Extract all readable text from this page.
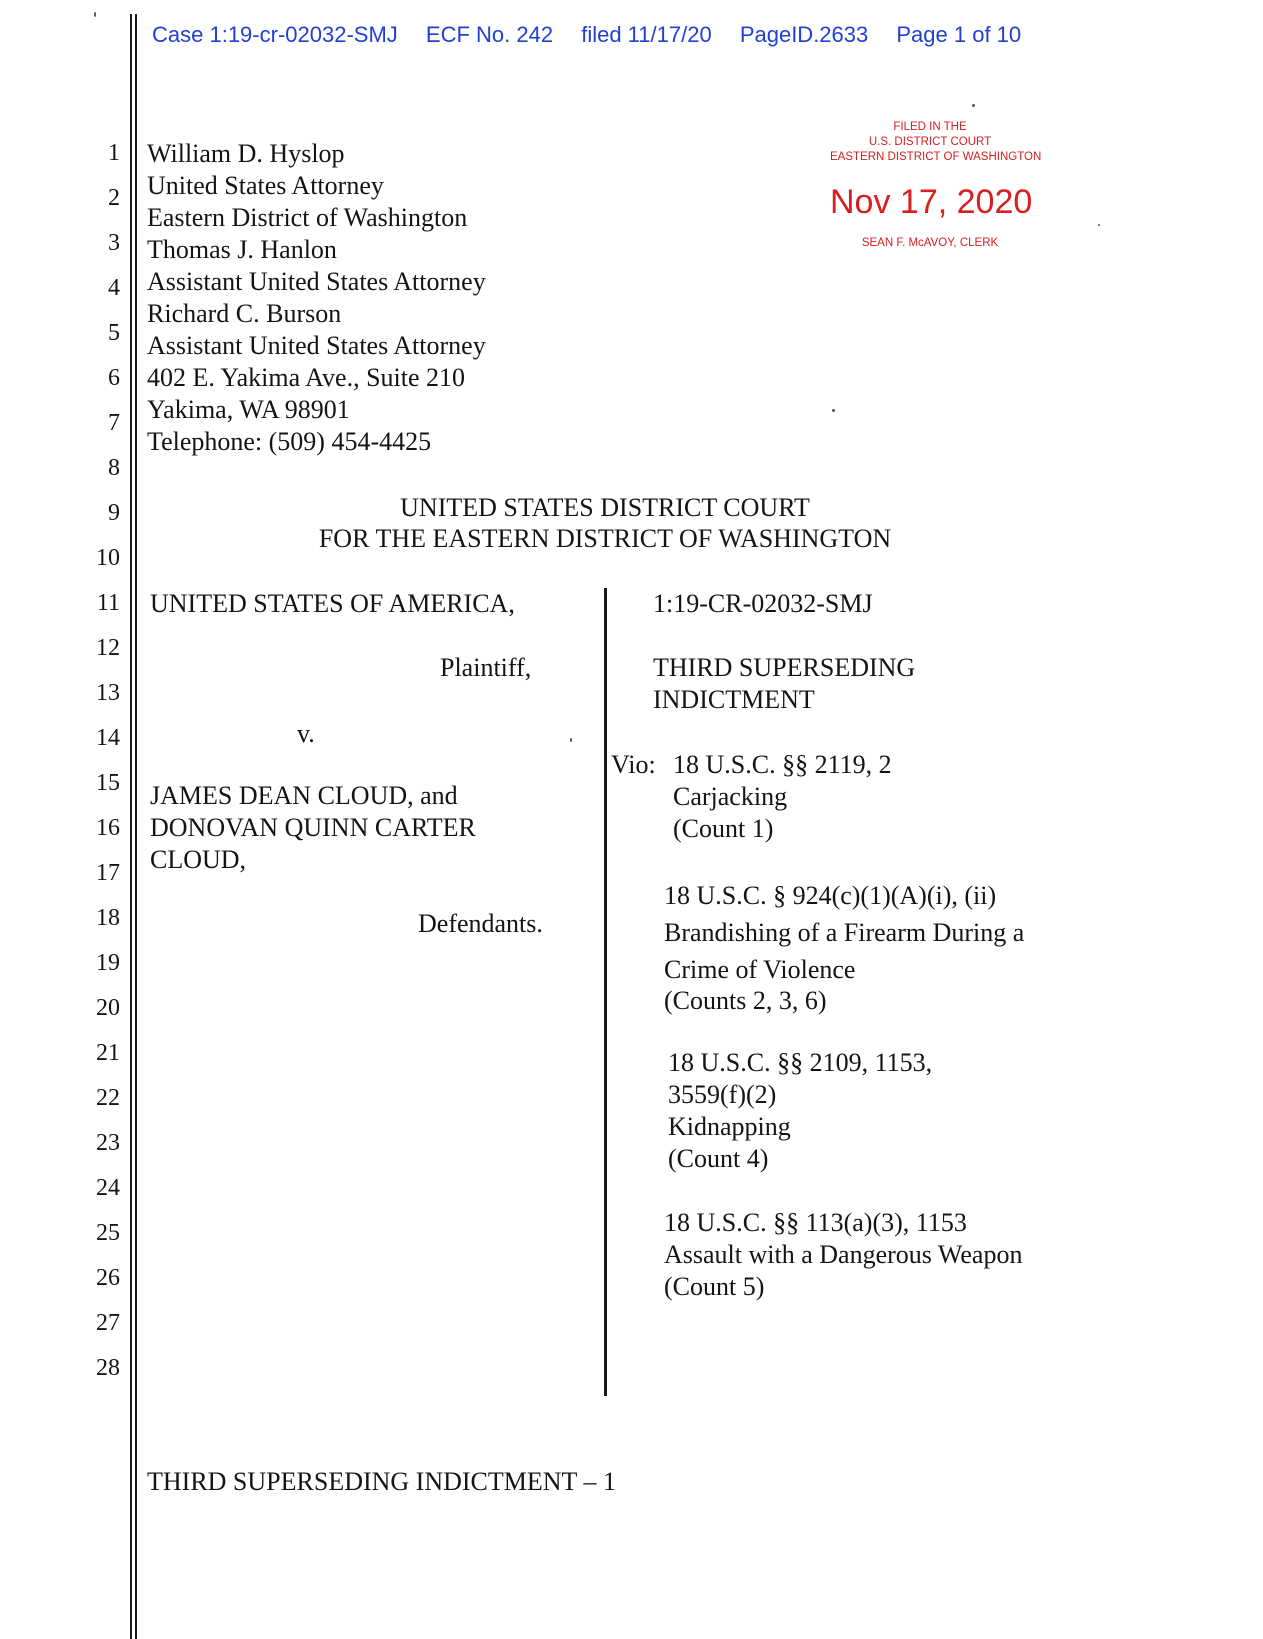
Case 1:19-cr-02032-SMJ ECF No. 242 filed 11/17/20 PageID.2633 Page 1 of 10
FILED IN THE
U.S. DISTRICT COURT
EASTERN DISTRICT OF WASHINGTON
Nov 17, 2020
SEAN F. McAVOY, CLERK
1
2
3
4
5
6
7
8
9
10
11
12
13
14
15
16
17
18
19
20
21
22
23
24
25
26
27
28
William D. Hyslop
United States Attorney
Eastern District of Washington
Thomas J. Hanlon
Assistant United States Attorney
Richard C. Burson
Assistant United States Attorney
402 E. Yakima Ave., Suite 210
Yakima, WA 98901
Telephone: (509) 454-4425
UNITED STATES DISTRICT COURT
FOR THE EASTERN DISTRICT OF WASHINGTON
UNITED STATES OF AMERICA,
Plaintiff,
v.
JAMES DEAN CLOUD, and
DONOVAN QUINN CARTER
CLOUD,
Defendants.
1:19-CR-02032-SMJ
THIRD SUPERSEDING
INDICTMENT
Vio: 18 U.S.C. §§ 2119, 2
Carjacking
(Count 1)
18 U.S.C. § 924(c)(1)(A)(i), (ii)
Brandishing of a Firearm During a
Crime of Violence
(Counts 2, 3, 6)
18 U.S.C. §§ 2109, 1153,
3559(f)(2)
Kidnapping
(Count 4)
18 U.S.C. §§ 113(a)(3), 1153
Assault with a Dangerous Weapon
(Count 5)
THIRD SUPERSEDING INDICTMENT – 1
